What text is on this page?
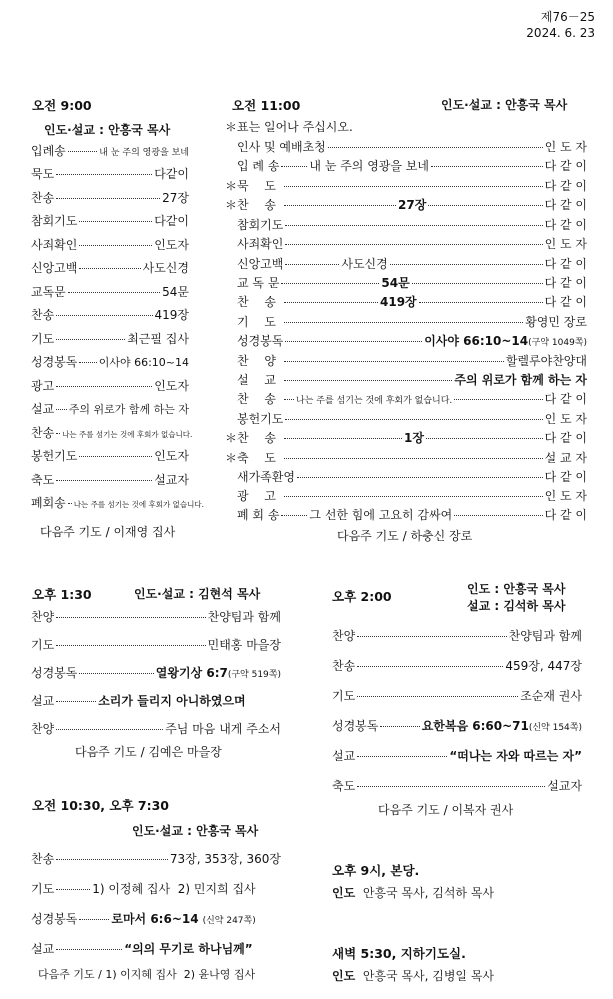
제76－25
2024. 6. 23
오전 9:00
인도·설교 : 안흥국 목사
입례송	내 눈 주의 영광을 보네
묵도	다같이
찬송	27장
참회기도	다같이
사죄확인	인도자
신앙고백	사도신경
교독문	54문
찬송	419장
기도	최근필 집사
성경봉독 이사야 66:10~14
광고	인도자
설교 주의 위로가 함께 하는 자
찬송 나는 주를 섬기는 것에 후회가 없습니다.
봉헌기도	인도자
축도	설교자
폐회송 나는 주를 섬기는 것에 후회가 없습니다.
다음주 기도 / 이재영 집사
오전 11:00	인도·설교 : 안흥국 목사
＊표는 일어나 주십시오.
인사 및 예배초청	인 도 자
입 례 송	내 눈 주의 영광을 보네	다 같 이
＊ 묵 도	다 같 이
＊ 찬 송	27장	다 같 이
참회기도	다 같 이
사죄확인	인 도 자
신앙고백	사도신경	다 같 이
교 독 문	54문	다 같 이
찬 송	419장	다 같 이
기 도	황영민 장로
성경봉독	이사야 66:10~14 (구약 1049쪽)
찬 양	할렐루야찬양대
설 교	주의 위로가 함께 하는 자
찬 송 나는 주를 섬기는 것에 후회가 없습니다.	다 같 이
봉헌기도	인 도 자
＊ 찬 송	1장	다 같 이
＊ 축 도	설 교 자
새가족환영	다 같 이
광 고	인 도 자
폐 회 송	그 선한 힘에 고요히 감싸여	다 같 이
다음주 기도 / 하충신 장로
오후 1:30	인도·설교 : 김현석 목사
찬양	찬양팀과 함께
기도	민태홍 마을장
성경봉독	열왕기상 6:7 (구약 519쪽)
설교	소리가 들리지 아니하였으며
찬양	주님 마음 내게 주소서
다음주 기도 / 김예은 마을장
오후 2:00	인도 : 안흥국 목사
설교 : 김석하 목사
찬양	찬양팀과 함께
찬송	459장, 447장
기도	조순재 권사
성경봉독	요한복음 6:60~71 (신약 154쪽)
설교	“떠나는 자와 따르는 자”
축도	설교자
다음주 기도 / 이복자 권사
오전 10:30, 오후 7:30
인도·설교 : 안흥국 목사
찬송	73장, 353장, 360장
기도	1) 이정혜 집사  2) 민지희 집사
성경봉독	로마서 6:6~14 (신약 247쪽)
설교	“의의 무기로 하나님께”
다음주 기도 / 1) 이지혜 집사  2) 윤나영 집사
오후 9시, 본당.
인도 안흥국 목사, 김석하 목사
새벽 5:30, 지하기도실.
인도 안흥국 목사, 김병일 목사
